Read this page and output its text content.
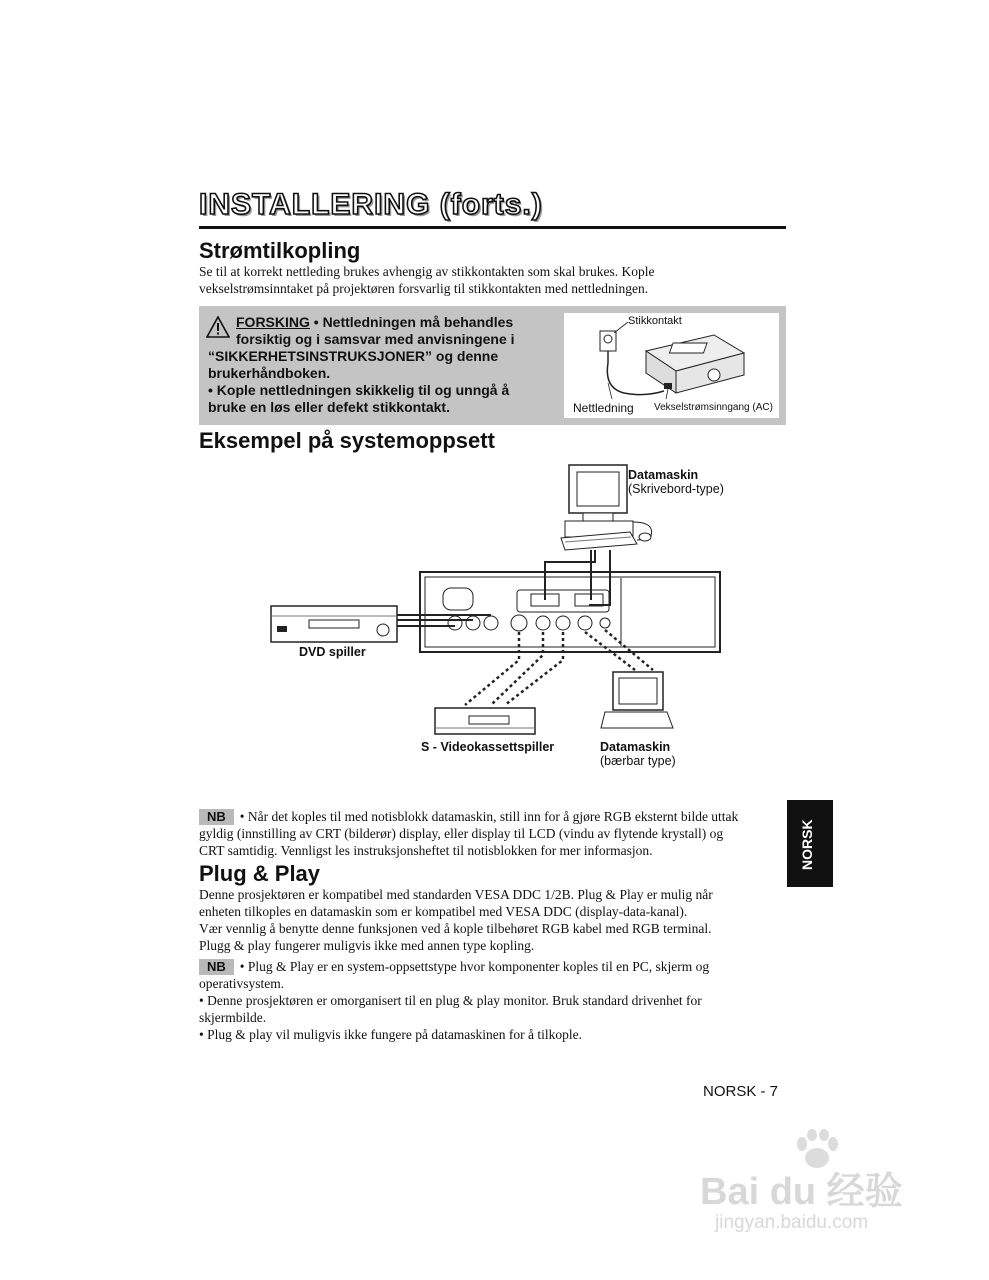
INSTALLERING (forts.)
Strømtilkopling
Se til at korrekt nettleding brukes avhengig av stikkontakten som skal brukes. Kople
vekselstrømsinntaket på projektøren forsvarlig til stikkontakten med nettledningen.
FORSKING • Nettledningen må behandles
forsiktig og i samsvar med anvisningene i
“SIKKERHETSINSTRUKSJONER” og denne
brukerhåndboken.
• Kople nettledningen skikkelig til og unngå å
bruke en løs eller defekt stikkontakt.
Stikkontakt
Nettledning Vekselstrømsinngang (AC)
Eksempel på systemoppsett
Datamaskin
(Skrivebord-type)
DVD spiller
S - Videokassettspiller	Datamaskin
(bærbar type)
NB • Når det koples til med notisblokk datamaskin, still inn for å gjøre RGB eksternt bilde uttak
gyldig (innstilling av CRT (bilderør) display, eller display til LCD (vindu av flytende krystall) og
CRT samtidig. Vennligst les instruksjonsheftet til notisblokken for mer informasjon.
Plug & Play
Denne prosjektøren er kompatibel med standarden VESA DDC 1/2B. Plug & Play er mulig når
enheten tilkoples en datamaskin som er kompatibel med VESA DDC (display-data-kanal).
Vær vennlig å benytte denne funksjonen ved å kople tilbehøret RGB kabel med RGB terminal.
Plugg & play fungerer muligvis ikke med annen type kopling.
NB • Plug & Play er en system-oppsettstype hvor komponenter koples til en PC, skjerm og
operativsystem.
• Denne prosjektøren er omorganisert til en plug & play monitor. Bruk standard drivenhet for
skjermbilde.
• Plug & play vil muligvis ikke fungere på datamaskinen for å tilkople.
NORSK
NORSK - 7
Bai du 经验
jingyan.baidu.com
